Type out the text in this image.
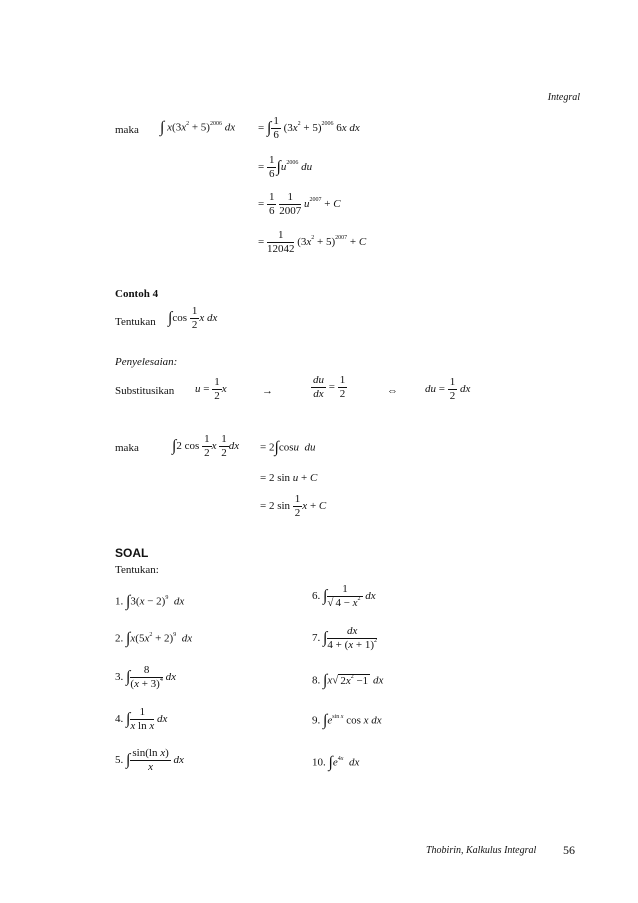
Integral
maka ∫ $x(3x^2 + 5)^{2006}$ dx = ∫ $\frac{1}{6} (3x^2 + 5)^{2006}$ 6x dx
= $\frac{1}{6} \int u^{2006}$ du
= $\frac{1}{6}$
$\frac{1}{2007} u^{2007} + C$
= $\frac{1}{12042} (3x^2 + 5)^{2007} + C$
Contoh 4
Tentukan $\int\cos \frac{1}{2}$ x dx
Penyelesaian:
Substitusikan $u = \frac{1}{2}$ x	→	$\frac{du}{dx} = \frac{1}{2}$	⇔ du = $\frac{1}{2}$ dx
maka ∫2 $\cos \frac{1}{2}$ x $\frac{1}{2}$ dx = 2∫cosu du
= 2 sin u + C
= 2 $\sin \frac{1}{2}$ x + C
SOAL
Tentukan:
1. $\int 3(x - 2)^9$ dx
2. $\int x(5x^2 + 2)^9$ dx
3. ∫ $\frac{8}{(x + 3)^4}$ dx
4. ∫ $\frac{1}{\text{x ln x}}$ dx
5. ∫ $\frac{\text{sin(ln x)}}{x}$ dx
6. ∫ $\frac{1}{√ 4 - x^2}$ dx
7. ∫ $\frac{dx}{4 + (x + 1)^2}$
8. ∫x√ $2x^2 -1$ dx
9. $\int e^{sin x}$ cos x dx
10. $\int e^{4x}$ dx
Thobirin, Kalkulus Integral 56
